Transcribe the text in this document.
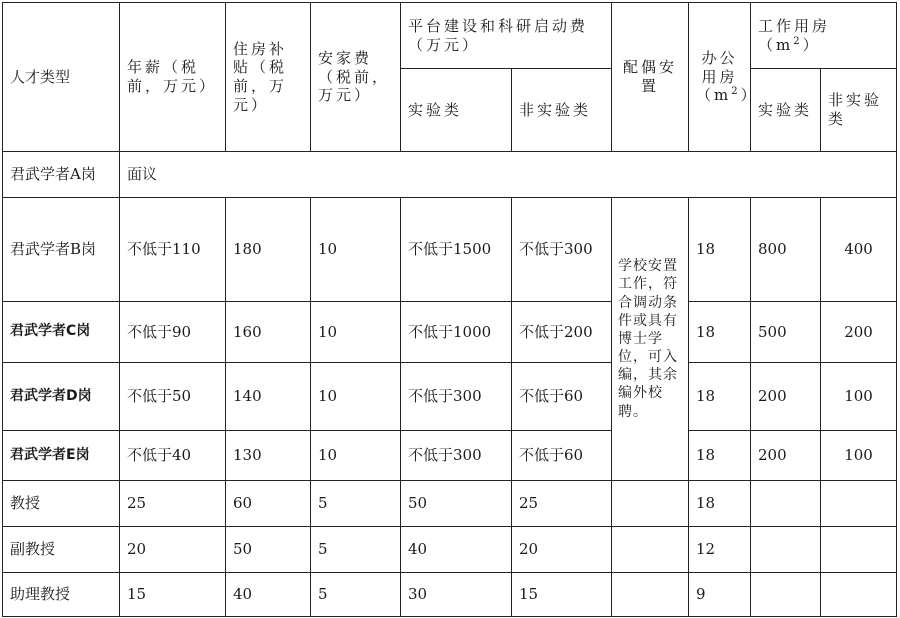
人才类型	年薪（税前，万元）	住房补贴（税前，万元）	安家费（税前，万元）	平台建设和科研启动费（万元）		配偶安置	办公用房$(m^2)$	工作用房$(m^2)$	
				实验类	非实验类			实验类	非实验类
君武学者A岗	面议								
君武学者B岗	不低于110	180	10	不低于1500	不低于300	学校安置工作，符合调动条件或具有博士学位，可入编，其余编外校聘。	18	800	400
君武学者C岗	不低于90	160	10	不低于1000	不低于200		18	500	200
君武学者D岗	不低于50	140	10	不低于300	不低于60		18	200	100
君武学者E岗	不低于40	130	10	不低于300	不低于60		18	200	100
教授	25	60	5	50	25		18		
副教授	20	50	5	40	20		12		
助理教授	15	40	5	30	15		9		
